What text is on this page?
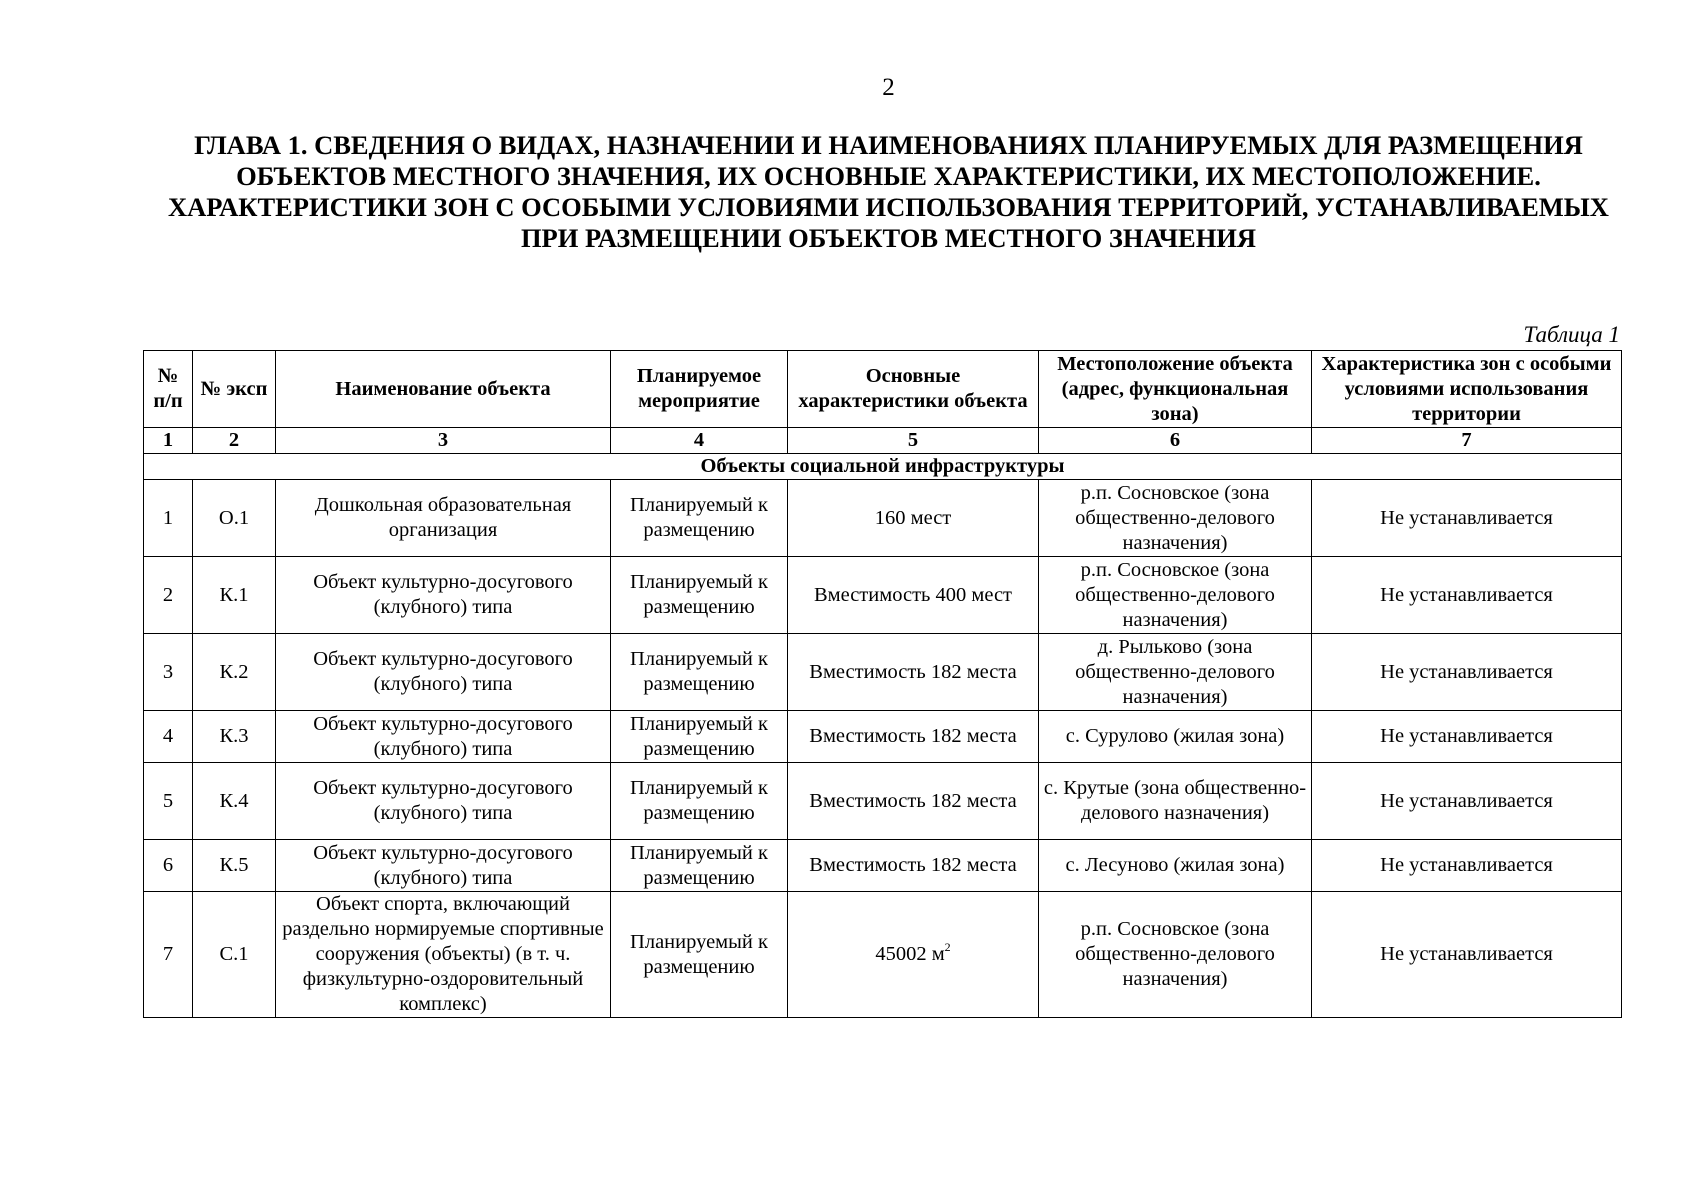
2
ГЛАВА 1. СВЕДЕНИЯ О ВИДАХ, НАЗНАЧЕНИИ И НАИМЕНОВАНИЯХ ПЛАНИРУЕМЫХ ДЛЯ РАЗМЕЩЕНИЯ ОБЪЕКТОВ МЕСТНОГО ЗНАЧЕНИЯ, ИХ ОСНОВНЫЕ ХАРАКТЕРИСТИКИ, ИХ МЕСТОПОЛОЖЕНИЕ. ХАРАКТЕРИСТИКИ ЗОН С ОСОБЫМИ УСЛОВИЯМИ ИСПОЛЬЗОВАНИЯ ТЕРРИТОРИЙ, УСТАНАВЛИВАЕМЫХ ПРИ РАЗМЕЩЕНИИ ОБЪЕКТОВ МЕСТНОГО ЗНАЧЕНИЯ
Таблица 1
№ п/п	№ эксп	Наименование объекта	Планируемое мероприятие	Основные характеристики объекта	Местоположение объекта (адрес, функциональная зона)	Характеристика зон с особыми условиями использования территории
1	2	3	4	5	6	7
Объекты социальной инфраструктуры						
1	О.1	Дошкольная образовательная организация	Планируемый к размещению	160 мест	р.п. Сосновское (зона общественно-делового назначения)	Не устанавливается
2	К.1	Объект культурно-досугового (клубного) типа	Планируемый к размещению	Вместимость 400 мест	р.п. Сосновское (зона общественно-делового назначения)	Не устанавливается
3	К.2	Объект культурно-досугового (клубного) типа	Планируемый к размещению	Вместимость 182 места	д. Рыльково (зона общественно-делового назначения)	Не устанавливается
4	К.3	Объект культурно-досугового (клубного) типа	Планируемый к размещению	Вместимость 182 места	с. Сурулово (жилая зона)	Не устанавливается
5	К.4	Объект культурно-досугового (клубного) типа	Планируемый к размещению	Вместимость 182 места	с. Крутые (зона общественно-делового назначения)	Не устанавливается
6	К.5	Объект культурно-досугового (клубного) типа	Планируемый к размещению	Вместимость 182 места	с. Лесуново (жилая зона)	Не устанавливается
7	С.1	Объект спорта, включающий раздельно нормируемые спортивные сооружения (объекты) (в т. ч. физкультурно-оздоровительный комплекс)	Планируемый к размещению	45002 $м^2$	р.п. Сосновское (зона общественно-делового назначения)	Не устанавливается
